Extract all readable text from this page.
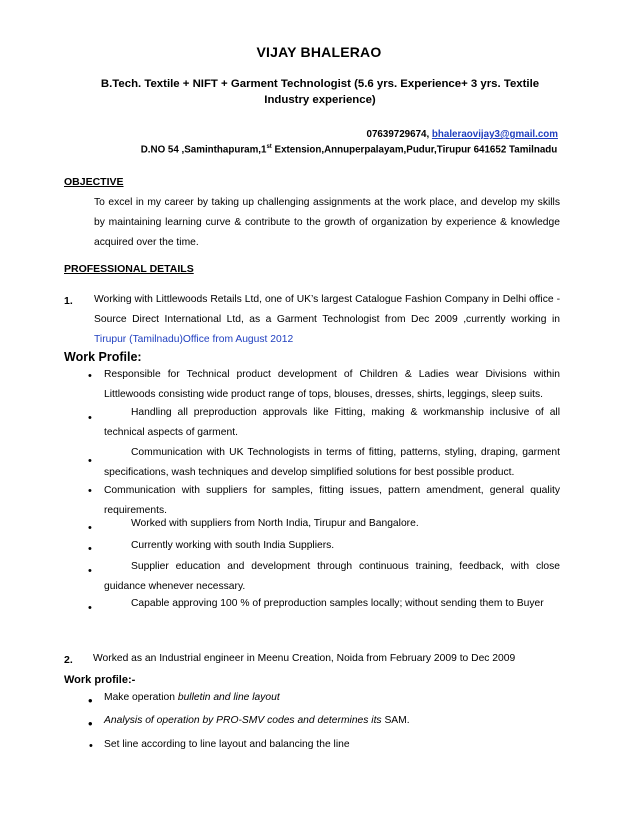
VIJAY BHALERAO
B.Tech. Textile + NIFT + Garment Technologist (5.6 yrs. Experience+ 3 yrs. Textile Industry experience)
07639729674, bhaleraovijay3@gmail.com
D.NO 54 ,Saminthapuram,1st Extension,Annuperpalayam,Pudur,Tirupur 641652 Tamilnadu
OBJECTIVE
To excel in my career by taking up challenging assignments at the work place, and develop my skills by maintaining learning curve & contribute to the growth of organization by experience & knowledge acquired over the time.
PROFESSIONAL DETAILS
1. Working with Littlewoods Retails Ltd, one of UK’s largest Catalogue Fashion Company in Delhi office - Source Direct International Ltd, as a Garment Technologist from Dec 2009 ,currently working in Tirupur (Tamilnadu)Office from August 2012
Work Profile:
• Responsible for Technical product development of Children & Ladies wear Divisions within Littlewoods consisting wide product range of tops, blouses, dresses, shirts, leggings, sleep suits.
•	Handling all preproduction approvals like Fitting, making & workmanship inclusive of all technical aspects of garment.
•
Communication with UK Technologists in terms of fitting, patterns, styling, draping, garment specifications, wash techniques and develop simplified solutions for best possible product.
• Communication with suppliers for samples, fitting issues, pattern amendment, general quality requirements.
•	Worked with suppliers from North India, Tirupur and Bangalore.
•	Currently working with south India Suppliers.
•	Supplier education and development through continuous training, feedback, with close guidance whenever necessary.
•	Capable approving 100 % of preproduction samples locally; without sending them to Buyer
2. Worked as an Industrial engineer in Meenu Creation, Noida from February 2009 to Dec 2009
Work profile:-
• Make operation bulletin and line layout
• Analysis of operation by PRO-SMV codes and determines its SAM.
• Set line according to line layout and balancing the line
